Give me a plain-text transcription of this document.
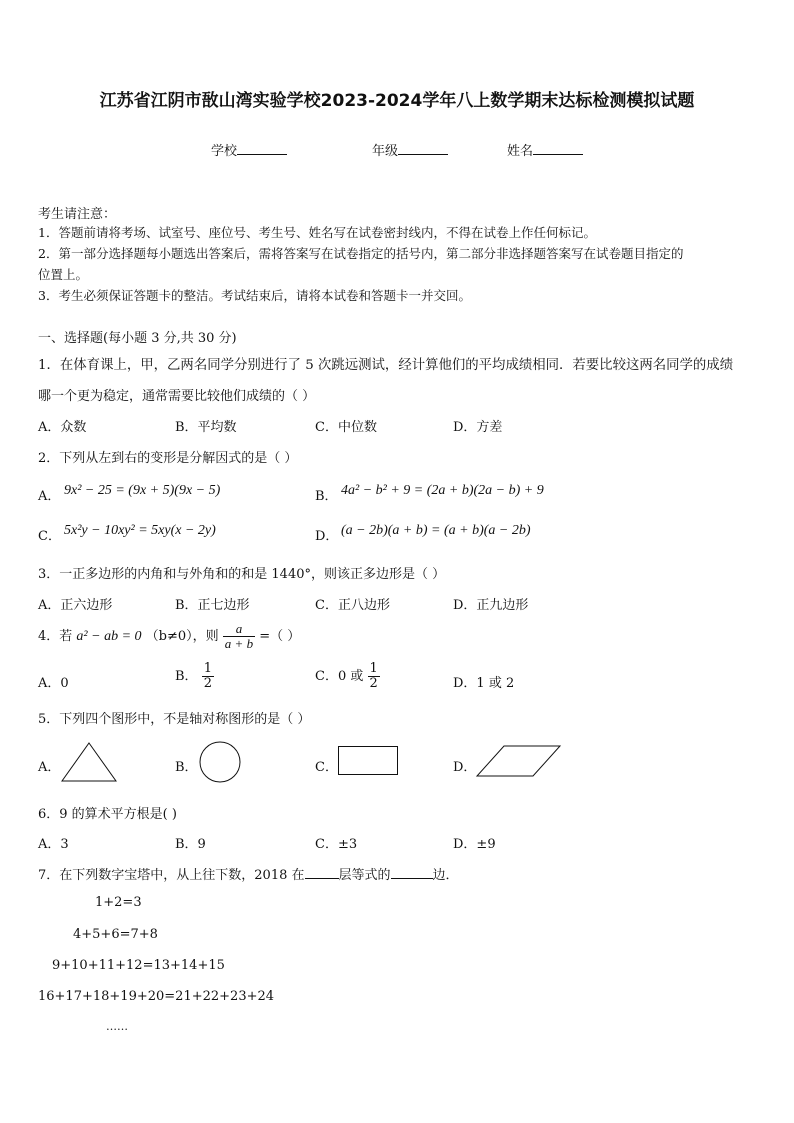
江苏省江阴市敔山湾实验学校2023-2024学年八上数学期末达标检测模拟试题
学校	年级	姓名
考生请注意：
1．答题前请将考场、试室号、座位号、考生号、姓名写在试卷密封线内，不得在试卷上作任何标记。
2．第一部分选择题每小题选出答案后，需将答案写在试卷指定的括号内，第二部分非选择题答案写在试卷题目指定的
位置上。
3．考生必须保证答题卡的整洁。考试结束后，请将本试卷和答题卡一并交回。
一、选择题(每小题 3 分,共 30 分)
1．在体育课上，甲，乙两名同学分别进行了 5 次跳远测试，经计算他们的平均成绩相同．若要比较这两名同学的成绩
哪一个更为稳定，通常需要比较他们成绩的（ ）
A．众数	B．平均数	C．中位数	D．方差
2．下列从左到右的变形是分解因式的是（ ）
A． 9x² − 25 = (9x + 5)(9x − 5)	B． 4a² − b² + 9 = (2a + b)(2a − b) + 9
C． 5x²y − 10xy² = 5xy(x − 2y)	D． (a − 2b)(a + b) = (a + b)(a − 2b)
3．一正多边形的内角和与外角和的和是 1440°，则该正多边形是（ ）
A．正六边形	B．正七边形	C．正八边形	D．正九边形
4．若 a² − ab = 0 （b≠0），则 $\frac{a}{a + b}$ =（ ）
A．0	B． $\frac{1}{2}$	C．0 或 $\frac{1}{2}$	D．1 或 2
5．下列四个图形中，不是轴对称图形的是（ ）
A．	B．	C．	D．
6．9 的算术平方根是( )
A．3	B．9	C．±3	D．±9
7．在下列数字宝塔中，从上往下数，2018 在	层等式的	边．
1+2=3
4+5+6=7+8
9+10+11+12=13+14+15
16+17+18+19+20=21+22+23+24
……
